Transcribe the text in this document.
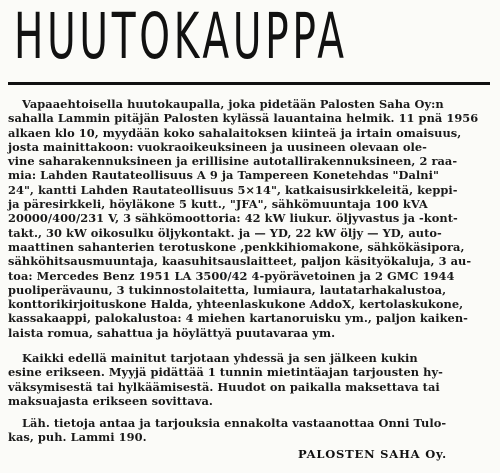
HUUTOKAUPPA
Vapaaehtoisella huutokaupalla, joka pidetään Palosten Saha Oy:n
sahalla Lammin pitäjän Palosten kylässä lauantaina helmik. 11 pnä 1956
alkaen klo 10, myydään koko sahalaitoksen kiinteä ja irtain omaisuus,
josta mainittakoon: vuokraoikeuksineen ja uusineen olevaan ole-
vine saharakennuksineen ja erillisine autotallirakennuksineen, 2 raa-
mia: Lahden Rautateollisuus A 9 ja Tampereen Konetehdas "Dalni"
24", kantti Lahden Rautateollisuus 5×14", katkaisusirkkeleitä, keppi-
ja päresirkkeli, höyläkone 5 kutt., "JFA", sähkömuuntaja 100 kVA
20000/400/231 V, 3 sähkömoottoria: 42 kW liukur. öljyvastus ja -kont-
takt., 30 kW oikosulku öljykontakt. ja — YD, 22 kW öljy — YD, auto-
maattinen sahanterien terotuskone ,penkkihiomakone, sähkökäsipora,
sähköhitsausmuuntaja, kaasuhitsauslaitteet, paljon käsityökaluja, 3 au-
toa: Mercedes Benz 1951 LA 3500/42 4-pyörävetoinen ja 2 GMC 1944
puoliperävaunu, 3 tukinnostolaitetta, lumiaura, lautatarhakalustoa,
konttorikirjoituskone Halda, yhteenlaskukone AddoX, kertolaskukone,
kassakaappi, palokalustoa: 4 miehen kartanoruisku ym., paljon kaiken-
laista romua, sahattua ja höylättyä puutavaraa ym.
Kaikki edellä mainitut tarjotaan yhdessä ja sen jälkeen kukin
esine erikseen. Myyjä pidättää 1 tunnin mietintäajan tarjousten hy-
väksymisestä tai hylkäämisestä. Huudot on paikalla maksettava tai
maksuajasta erikseen sovittava.
Läh. tietoja antaa ja tarjouksia ennakolta vastaanottaa Onni Tulo-
kas, puh. Lammi 190.
PALOSTEN SAHA Oy.
